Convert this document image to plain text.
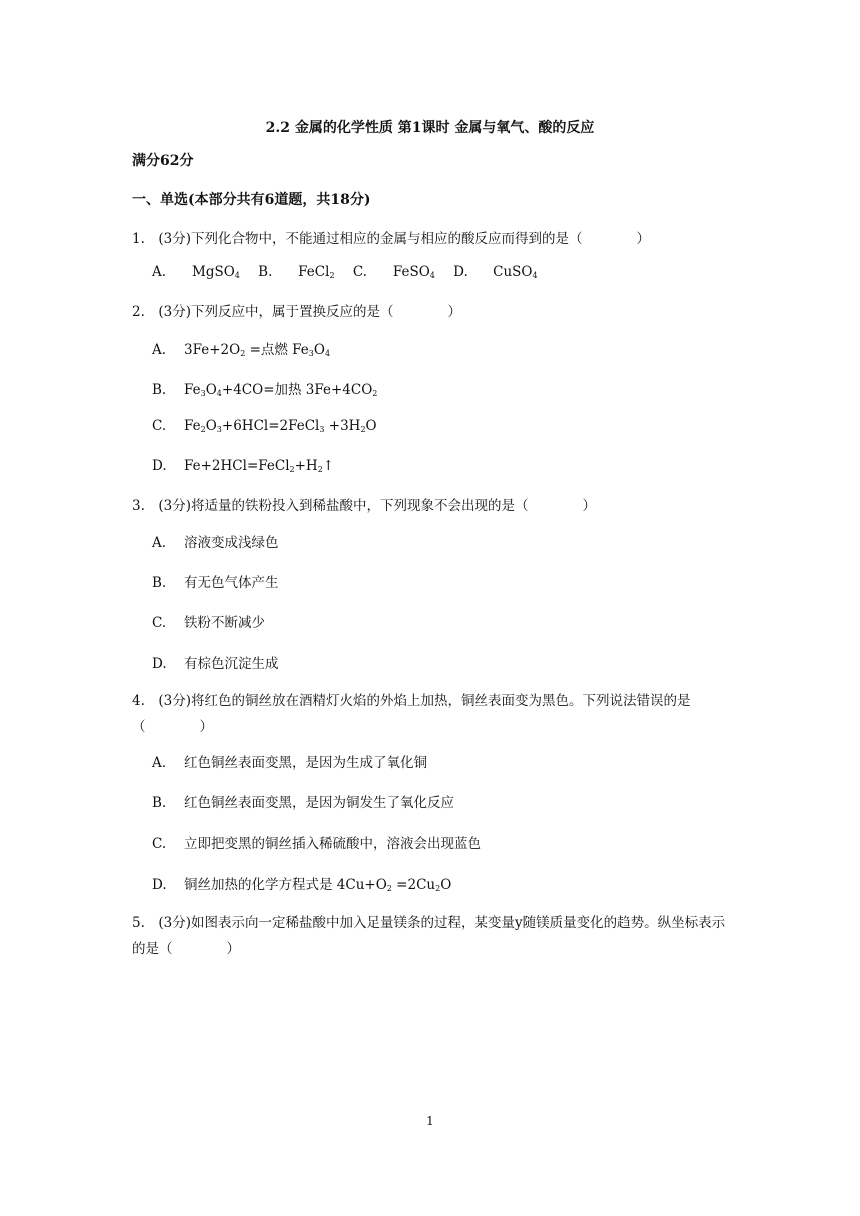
2.2 金属的化学性质 第1课时 金属与氧气、酸的反应
满分62分
一、单选(本部分共有6道题，共18分)
1.　(3分)下列化合物中，不能通过相应的金属与相应的酸反应而得到的是（　　　　）
A. MgSO$_4$ B. FeCl$_2$ C. FeSO$_4$ D. CuSO$_4$
2.　(3分)下列反应中，属于置换反应的是（　　　　）
A. $3Fe+2O_2$ =点燃 $Fe_3O_4$
B. $Fe_3O_4+4CO=$加热 $3Fe+4CO_2$
C. $Fe_2O_3+6HCl=2FeCl_3 +3H_2O$
D. $Fe+2HCl=FeCl_2+H_2↑$
3.　(3分)将适量的铁粉投入到稀盐酸中，下列现象不会出现的是（　　　　）
A. 溶液变成浅绿色
B. 有无色气体产生
C. 铁粉不断减少
D. 有棕色沉淀生成
4.　(3分)将红色的铜丝放在酒精灯火焰的外焰上加热，铜丝表面变为黑色。下列说法错误的是（　　　　）
A. 红色铜丝表面变黑，是因为生成了氧化铜
B. 红色铜丝表面变黑，是因为铜发生了氧化反应
C. 立即把变黑的铜丝插入稀硫酸中，溶液会出现蓝色
D. 铜丝加热的化学方程式是 $4Cu+O_2 =2Cu_2O$
5.　(3分)如图表示向一定稀盐酸中加入足量镁条的过程，某变量y随镁质量变化的趋势。纵坐标表示的是（　　　　）
1
